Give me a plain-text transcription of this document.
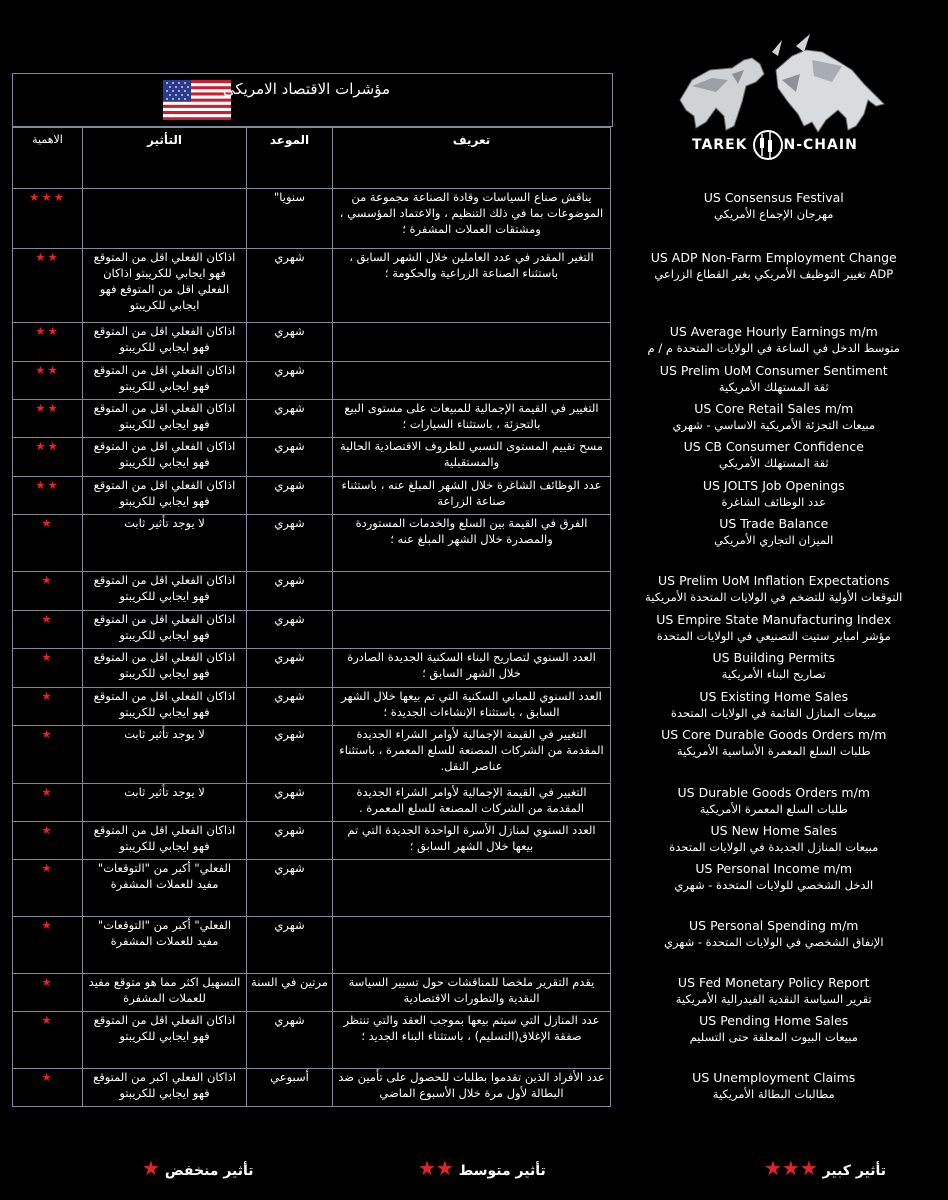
مؤشرات الاقتصاد الامريكي
TAREK	N-CHAIN
الاهمية	التأثير	الموعد	تعريف	
★★★		سنويا"	يناقش صناع السياسات وقادة الصناعة مجموعة من الموضوعات بما في ذلك التنظيم ، والاعتماد المؤسسي ، ومشتقات العملات المشفرة ؛	US Consensus Festival
مهرجان الإجماع الأمريكي

★★	اذاكان الفعلي اقل من المتوقع فهو ايجابي للكريبتو اذاكان الفعلي اقل من المتوقع فهو ايجابي للكريبتو	شهري	التغير المقدر في عدد العاملين خلال الشهر السابق ، باستثناء الصناعة الزراعية والحكومة ؛	US ADP Non-Farm Employment Change
ADP تغيير التوظيف الأمريكي بغير القطاع الزراعي

★★	اذاكان الفعلي اقل من المتوقع فهو ايجابي للكريبتو	شهري		US Average Hourly Earnings m/m
متوسط الدخل في الساعة في الولايات المتحدة م / م

★★	اذاكان الفعلي اقل من المتوقع فهو ايجابي للكريبتو	شهري		US Prelim UoM Consumer Sentiment
ثقة المستهلك الأمريكية

★★	اذاكان الفعلي اقل من المتوقع فهو ايجابي للكريبتو	شهري	التغيير في القيمة الإجمالية للمبيعات على مستوى البيع بالتجزئة ، باستثناء السيارات ؛	US Core Retail Sales m/m
مبيعات التجزئة الأمريكية الاساسي - شهري

★★	اذاكان الفعلي اقل من المتوقع فهو ايجابي للكريبتو	شهري	مسح تقييم المستوى النسبي للظروف الاقتصادية الحالية والمستقبلية	US CB Consumer Confidence
ثقة المستهلك الأمريكي

★★	اذاكان الفعلي اقل من المتوقع فهو ايجابي للكريبتو	شهري	عدد الوظائف الشاغرة خلال الشهر المبلغ عنه ، باستثناء صناعة الزراعة	US JOLTS Job Openings
عدد الوظائف الشاغرة

★	لا يوجد تأثير ثابت	شهري	الفرق في القيمة بين السلع والخدمات المستوردة والمصدرة خلال الشهر المبلغ عنه ؛	US Trade Balance
الميزان التجاري الأمريكي

★	اذاكان الفعلي اقل من المتوقع فهو ايجابي للكريبتو	شهري		US Prelim UoM Inflation Expectations
التوقعات الأولية للتضخم في الولايات المتحدة الأمريكية

★	اذاكان الفعلي اقل من المتوقع فهو ايجابي للكريبتو	شهري		US Empire State Manufacturing Index
مؤشر امباير ستيت التصنيعي في الولايات المتحدة

★	اذاكان الفعلي اقل من المتوقع فهو ايجابي للكريبتو	شهري	العدد السنوي لتصاريح البناء السكنية الجديدة الصادرة خلال الشهر السابق ؛	US Building Permits
تصاريح البناء الأمريكية

★	اذاكان الفعلي اقل من المتوقع فهو ايجابي للكريبتو	شهري	العدد السنوي للمباني السكنية التي تم بيعها خلال الشهر السابق ، باستثناء الإنشاءات الجديدة ؛	US Existing Home Sales
مبيعات المنازل القائمة في الولايات المتحدة

★	لا يوجد تأثير ثابت	شهري	التغيير في القيمة الإجمالية لأوامر الشراء الجديدة المقدمة من الشركات المصنعة للسلع المعمرة ، باستثناء عناصر النقل.	US Core Durable Goods Orders m/m
طلبات السلع المعمرة الأساسية الأمريكية

★	لا يوجد تأثير ثابت	شهري	التغيير في القيمة الإجمالية لأوامر الشراء الجديدة المقدمة من الشركات المصنعة للسلع المعمرة .	US Durable Goods Orders m/m
طلبات السلع المعمرة الأمريكية

★	اذاكان الفعلي اقل من المتوقع فهو ايجابي للكريبتو	شهري	العدد السنوي لمنازل الأسرة الواحدة الجديدة التي تم بيعها خلال الشهر السابق ؛	US New Home Sales
مبيعات المنازل الجديدة في الولايات المتحدة

★	الفعلي" أكبر من "التوقعات" مفيد للعملات المشفرة	شهري		US Personal Income m/m
الدخل الشخصي للولايات المتحدة - شهري

★	الفعلي" أكبر من "التوقعات" مفيد للعملات المشفرة	شهري		US Personal Spending m/m
الإنفاق الشخصي في الولايات المتحدة - شهري

★	التسهيل اكثر مما هو متوقع مفيد للعملات المشفرة	مرتين في السنة	يقدم التقرير ملخصا للمناقشات حول تسيير السياسة النقدية والتطورات الاقتصادية	US Fed Monetary Policy Report
تقرير السياسة النقدية الفيدرالية الأمريكية

★	اذاكان الفعلي اقل من المتوقع فهو ايجابي للكريبتو	شهري	عدد المنازل التي سيتم بيعها بموجب العقد والتي تنتظر صفقة الإغلاق(التسليم) ، باستثناء البناء الجديد ؛	US Pending Home Sales
مبيعات البيوت المعلقة حتى التسليم

★	اذاكان الفعلي اكبر من المتوقع فهو ايجابي للكريبتو	أسبوعي	عدد الأفراد الذين تقدموا بطلبات للحصول على تأمين ضد البطالة لأول مرة خلال الأسبوع الماضي	US Unemployment Claims
مطالبات البطالة الأمريكية
تأثير كبير ★★★
تأثير متوسط ★★
تأثير منخفض ★
